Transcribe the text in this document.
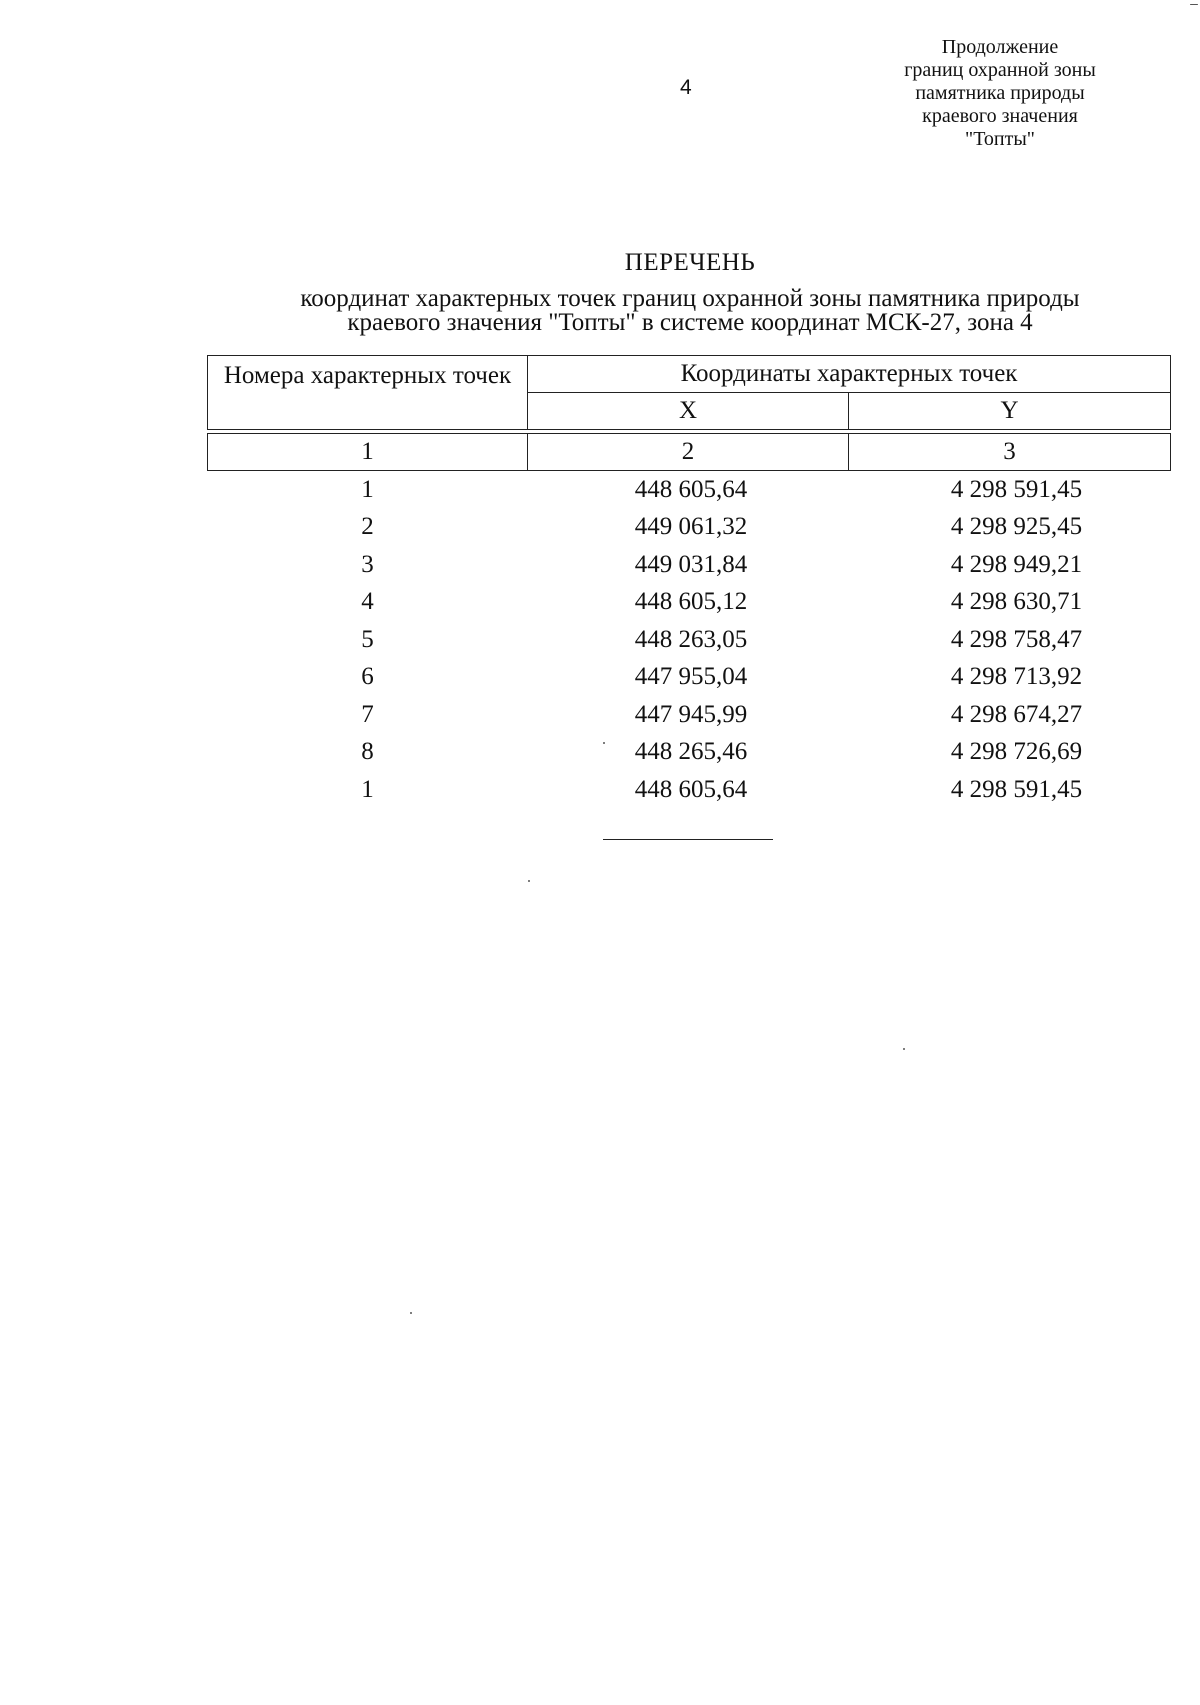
4
Продолжение
границ охранной зоны
памятника природы
краевого значения
"Топты"
ПЕРЕЧЕНЬ
координат характерных точек границ охранной зоны памятника природы
краевого значения "Топты" в системе координат МСК-27, зона 4
Номера характерных точек	Координаты характерных точек	
	X	Y

1	2	3
1	448 605,64	4 298 591,45
2	449 061,32	4 298 925,45
3	449 031,84	4 298 949,21
4	448 605,12	4 298 630,71
5	448 263,05	4 298 758,47
6	447 955,04	4 298 713,92
7	447 945,99	4 298 674,27
8	448 265,46	4 298 726,69
1	448 605,64	4 298 591,45
